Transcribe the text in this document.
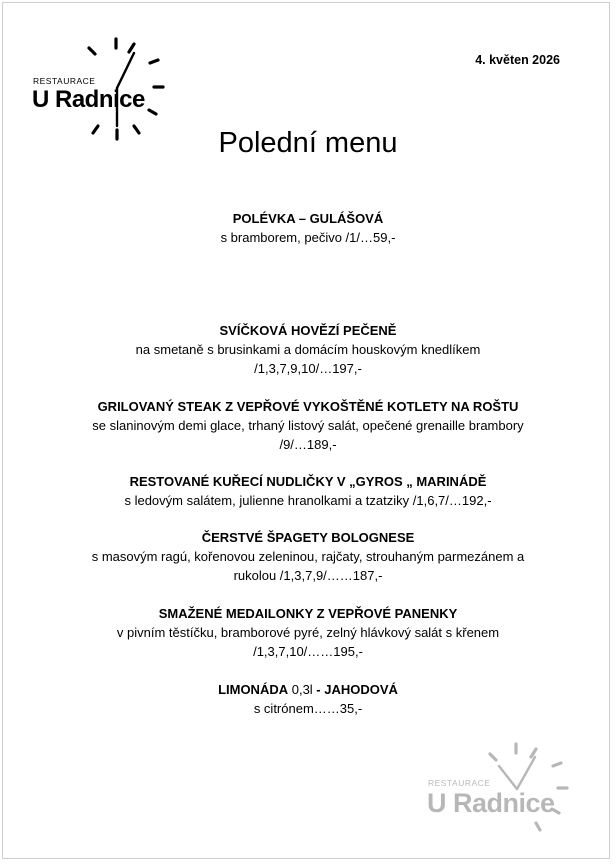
RESTAURACE
U Radnice
4. květen 2026
Polední menu
POLÉVKA – GULÁŠOVÁ
s bramborem, pečivo /1/…59,-
SVÍČKOVÁ HOVĚZÍ PEČENĚ
na smetaně s brusinkami a domácím houskovým knedlíkem
/1,3,7,9,10/…197,-
GRILOVANÝ STEAK Z VEPŘOVÉ VYKOŠTĚNÉ KOTLETY NA ROŠTU
se slaninovým demi glace, trhaný listový salát, opečené grenaille brambory
/9/…189,-
RESTOVANÉ KUŘECÍ NUDLIČKY V „GYROS „ MARINÁDĚ
s ledovým salátem, julienne hranolkami a tzatziky /1,6,7/…192,-
ČERSTVÉ ŠPAGETY BOLOGNESE
s masovým ragú, kořenovou zeleninou, rajčaty, strouhaným parmezánem a
rukolou /1,3,7,9/……187,-
SMAŽENÉ MEDAILONKY Z VEPŘOVÉ PANENKY
v pivním těstíčku, bramborové pyré, zelný hlávkový salát s křenem
/1,3,7,10/……195,-
LIMONÁDA 0,3l - JAHODOVÁ
s citrónem……35,-
RESTAURACE
U Radnice
